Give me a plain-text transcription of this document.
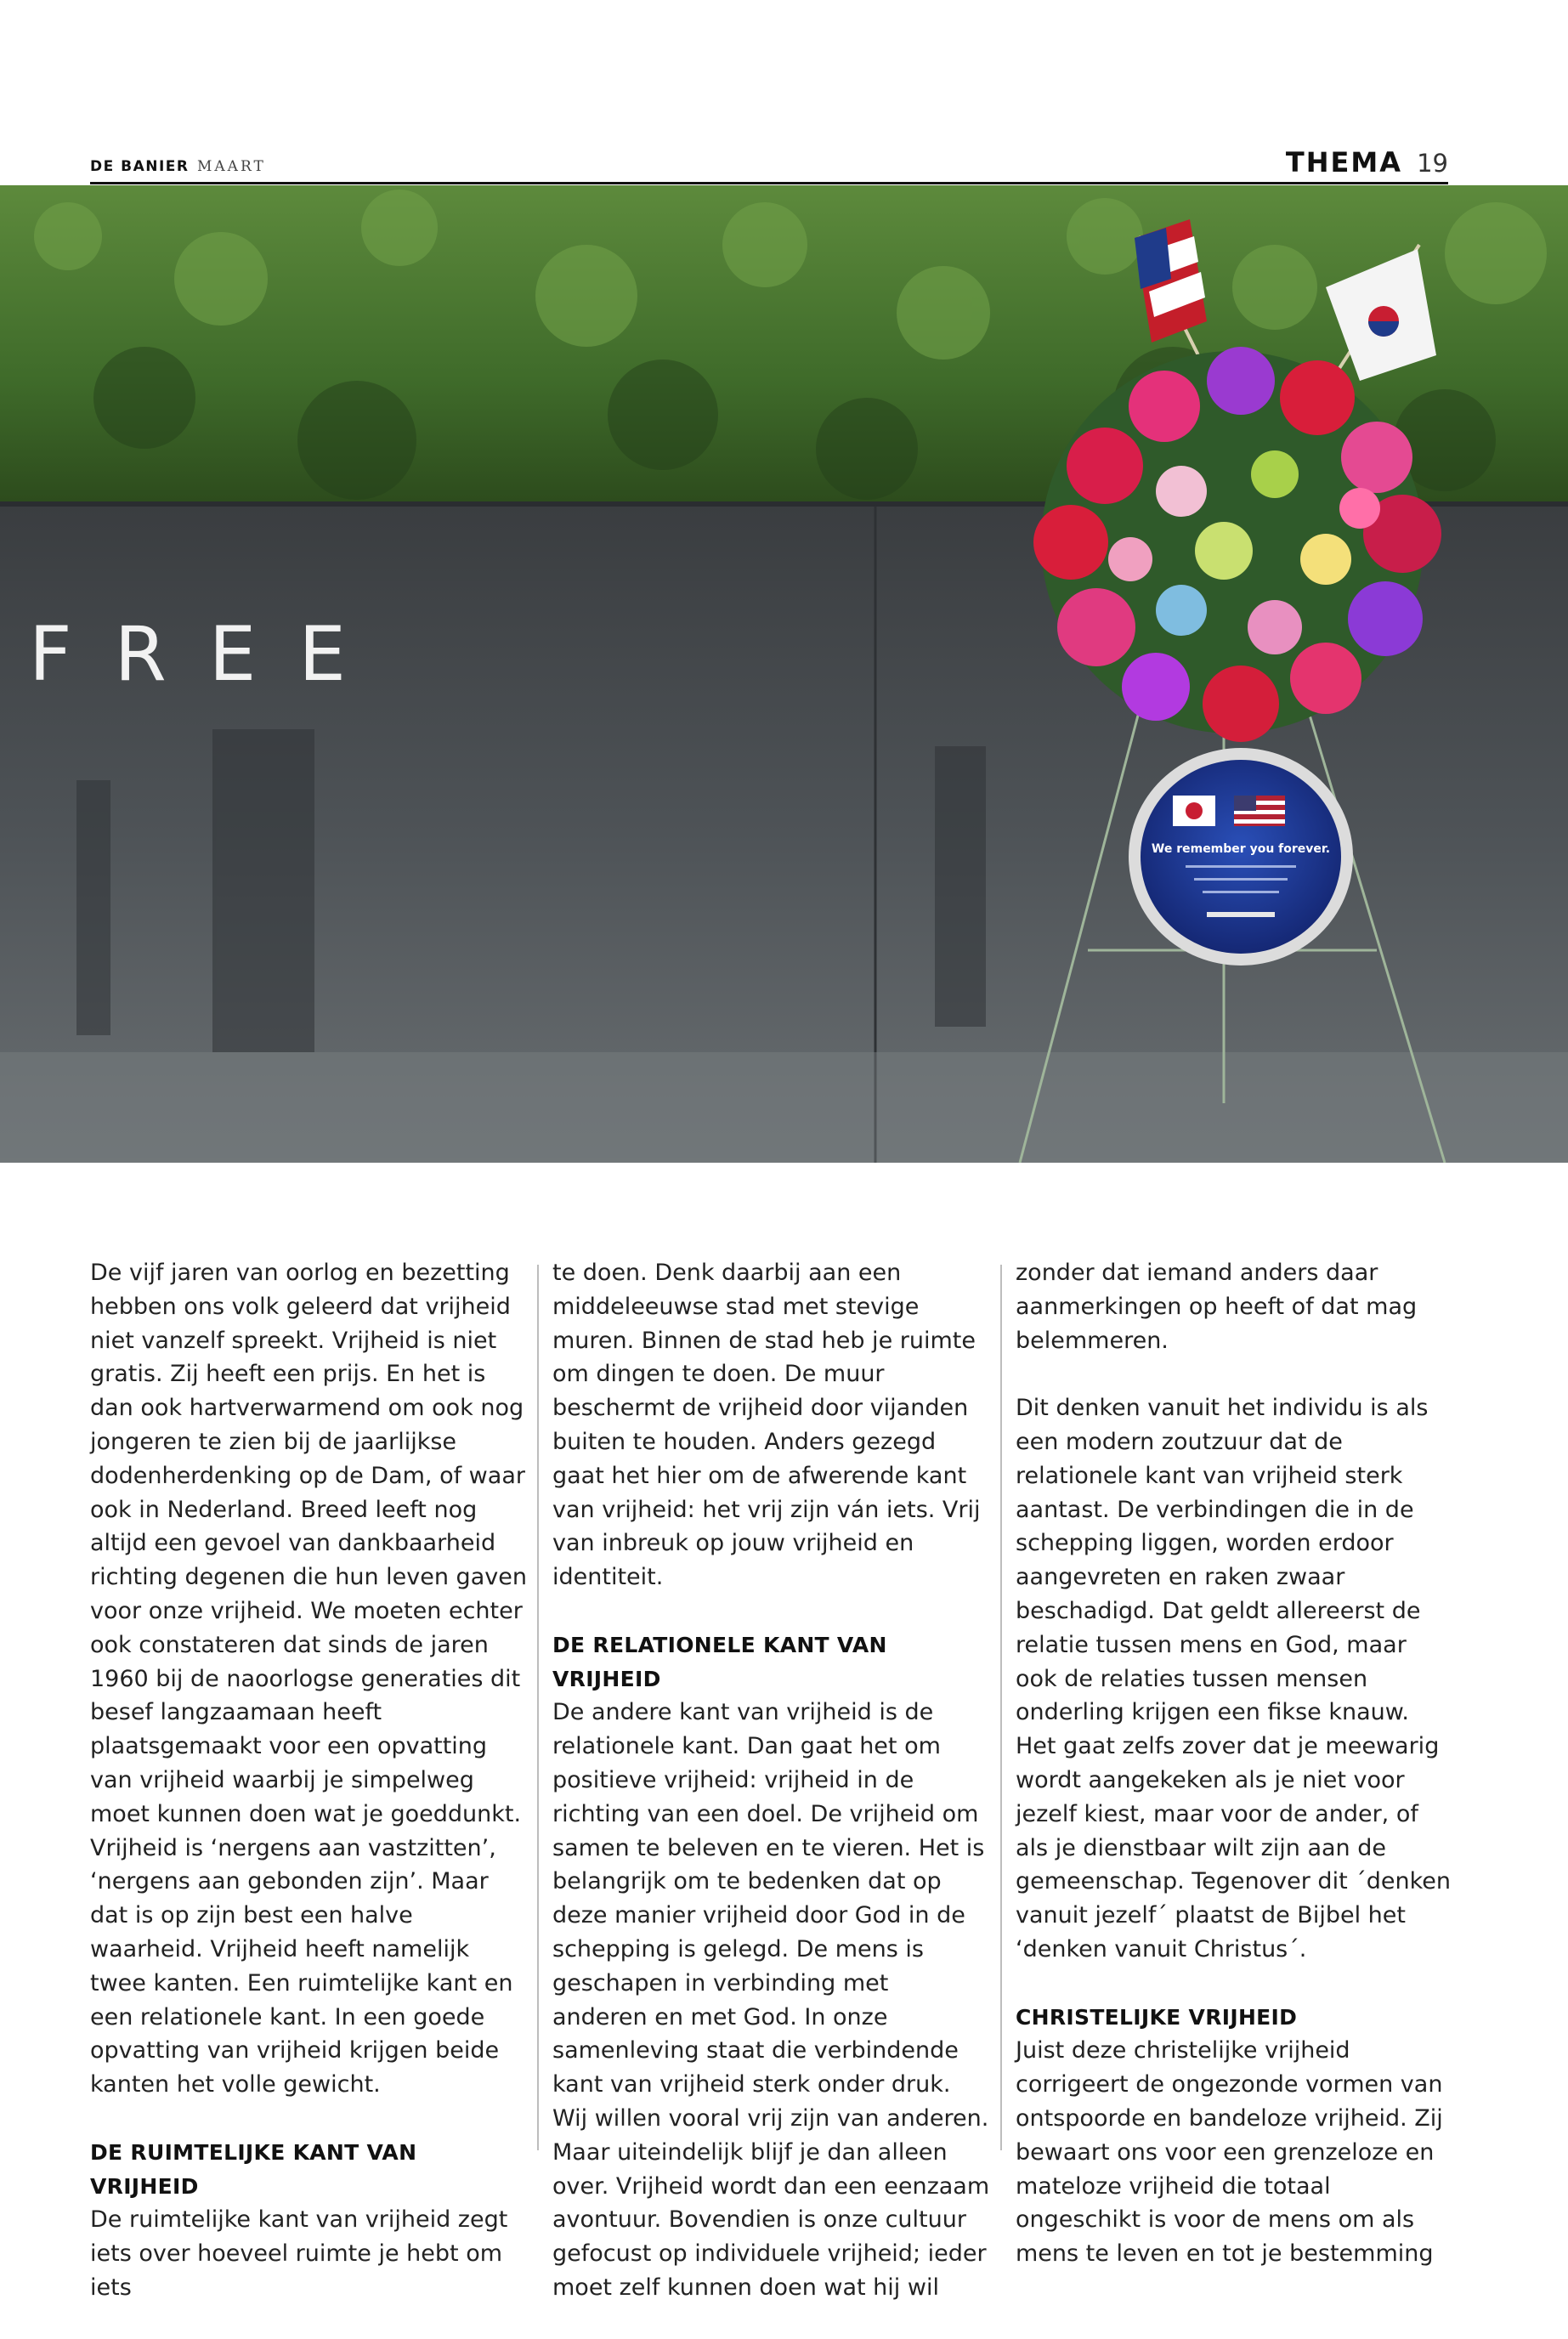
DE BANIER MAART	THEMA 19
We remember you forever.
FREE

De vijf jaren van oorlog en bezetting hebben ons volk geleerd dat vrijheid niet vanzelf spreekt. Vrijheid is niet gratis. Zij heeft een prijs. En het is dan ook hartverwarmend om ook nog jongeren te zien bij de jaarlijkse dodenherdenking op de Dam, of waar ook in Nederland. Breed leeft nog altijd een gevoel van dankbaarheid richting degenen die hun leven gaven voor onze vrijheid. We moeten echter ook constateren dat sinds de jaren 1960 bij de naoorlogse generaties dit besef langzaamaan heeft plaatsgemaakt voor een opvatting van vrijheid waarbij je simpelweg moet kunnen doen wat je goeddunkt. Vrijheid is ‘nergens aan vastzitten’, ‘nergens aan gebonden zijn’. Maar dat is op zijn best een halve waarheid. Vrijheid heeft namelijk twee kanten. Een ruimtelijke kant en een relationele kant. In een goede opvatting van vrijheid krijgen beide kanten het volle gewicht.

DE RUIMTELIJKE KANT VAN VRIJHEID

De ruimtelijke kant van vrijheid zegt iets over hoeveel ruimte je hebt om iets

te doen. Denk daarbij aan een middeleeuwse stad met stevige muren. Binnen de stad heb je ruimte om dingen te doen. De muur beschermt de vrijheid door vijanden buiten te houden. Anders gezegd gaat het hier om de afwerende kant van vrijheid: het vrij zijn ván iets. Vrij van inbreuk op jouw vrijheid en identiteit.

DE RELATIONELE KANT VAN VRIJHEID

De andere kant van vrijheid is de relationele kant. Dan gaat het om positieve vrijheid: vrijheid in de richting van een doel. De vrijheid om samen te beleven en te vieren. Het is belangrijk om te bedenken dat op deze manier vrijheid door God in de schepping is gelegd. De mens is geschapen in verbinding met anderen en met God. In onze samenleving staat die verbindende kant van vrijheid sterk onder druk. Wij willen vooral vrij zijn van anderen. Maar uiteindelijk blijf je dan alleen over. Vrijheid wordt dan een eenzaam avontuur. Bovendien is onze cultuur gefocust op individuele vrijheid; ieder moet zelf kunnen doen wat hij wil

zonder dat iemand anders daar aanmerkingen op heeft of dat mag belemmeren.

Dit denken vanuit het individu is als een modern zoutzuur dat de relationele kant van vrijheid sterk aantast. De verbindingen die in de schepping liggen, worden erdoor aangevreten en raken zwaar beschadigd. Dat geldt allereerst de relatie tussen mens en God, maar ook de relaties tussen mensen onderling krijgen een fikse knauw. Het gaat zelfs zover dat je meewarig wordt aangekeken als je niet voor jezelf kiest, maar voor de ander, of als je dienstbaar wilt zijn aan de gemeenschap. Tegenover dit ´denken vanuit jezelf´ plaatst de Bijbel het ‘denken vanuit Christus´.

CHRISTELIJKE VRIJHEID

Juist deze christelijke vrijheid corrigeert de ongezonde vormen van ontspoorde en bandeloze vrijheid. Zij bewaart ons voor een grenzeloze en mateloze vrijheid die totaal ongeschikt is voor de mens om als mens te leven en tot je bestemming
